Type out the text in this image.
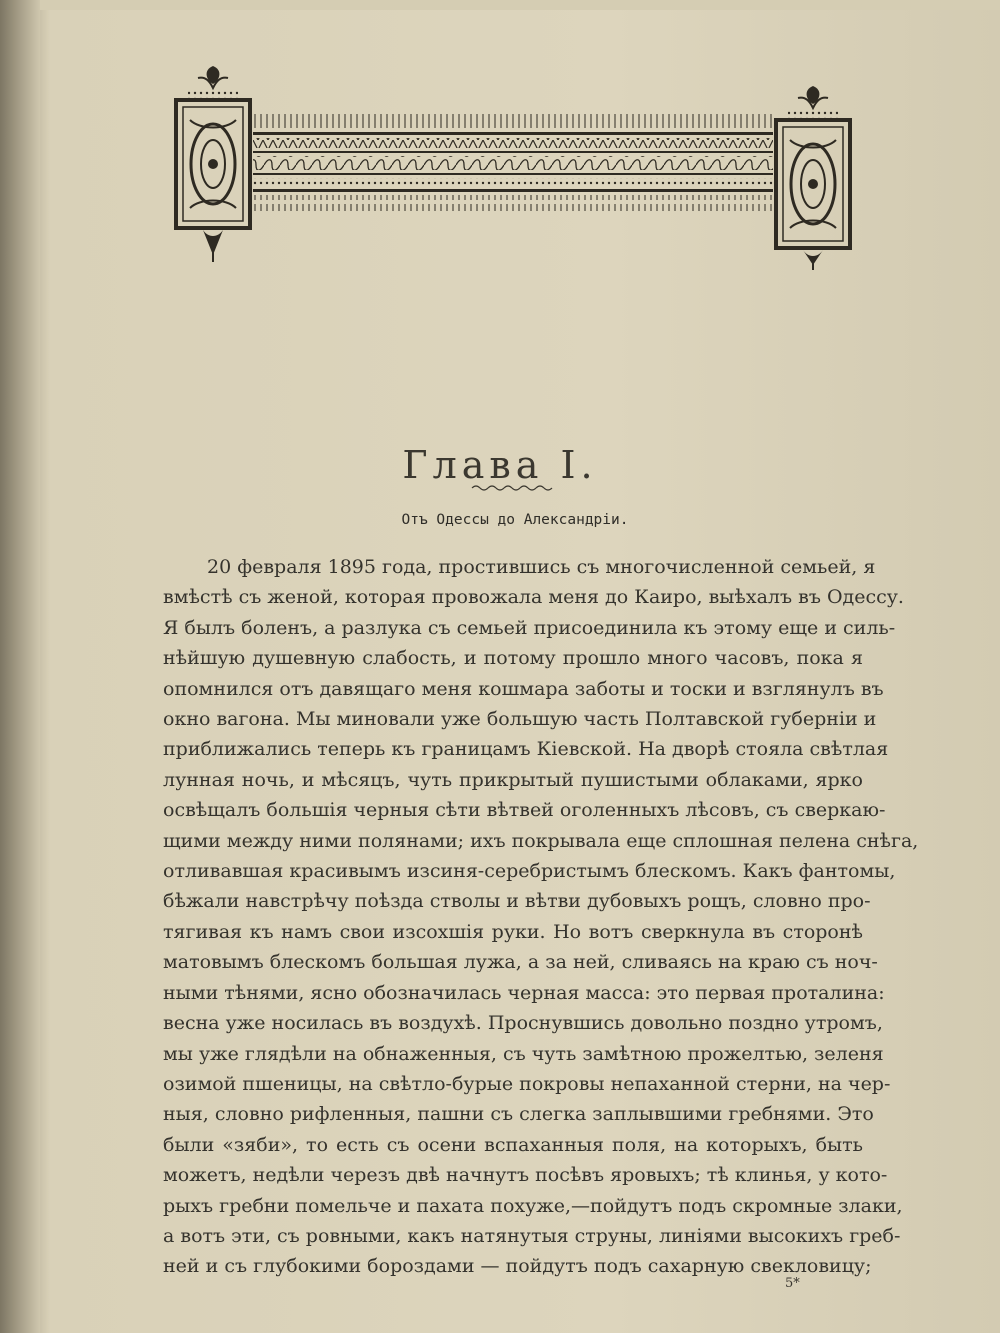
Глава I.
Отъ Одессы до Александріи.
20 февраля 1895 года, простившись съ многочисленной семьей, я
вмѣстѣ съ женой, которая провожала меня до Каиро, выѣхалъ въ Одессу.
Я былъ боленъ, а разлука съ семьей присоединила къ этому еще и силь-
нѣйшую душевную слабость, и потому прошло много часовъ, пока я
опомнился отъ давящаго меня кошмара заботы и тоски и взглянулъ въ
окно вагона. Мы миновали уже большую часть Полтавской губерніи и
приближались теперь къ границамъ Кіевской. На дворѣ стояла свѣтлая
лунная ночь, и мѣсяцъ, чуть прикрытый пушистыми облаками, ярко
освѣщалъ большія черныя сѣти вѣтвей оголенныхъ лѣсовъ, съ сверкаю-
щими между ними полянами; ихъ покрывала еще сплошная пелена снѣга,
отливавшая красивымъ изсиня-серебристымъ блескомъ. Какъ фантомы,
бѣжали навстрѣчу поѣзда стволы и вѣтви дубовыхъ рощъ, словно про-
тягивая къ намъ свои изсохшія руки. Но вотъ сверкнула въ сторонѣ
матовымъ блескомъ большая лужа, а за ней, сливаясь на краю съ ноч-
ными тѣнями, ясно обозначилась черная масса: это первая проталина:
весна уже носилась въ воздухѣ. Проснувшись довольно поздно утромъ,
мы уже глядѣли на обнаженныя, съ чуть замѣтною прожелтью, зеленя
озимой пшеницы, на свѣтло-бурые покровы непаханной стерни, на чер-
ныя, словно рифленныя, пашни съ слегка заплывшими гребнями. Это
были «зяби», то есть съ осени вспаханныя поля, на которыхъ, быть
можетъ, недѣли черезъ двѣ начнутъ посѣвъ яровыхъ; тѣ клинья, у кото-
рыхъ гребни помельче и пахата похуже,—пойдутъ подъ скромные злаки,
а вотъ эти, съ ровными, какъ натянутыя струны, линіями высокихъ греб-
ней и съ глубокими бороздами — пойдутъ подъ сахарную свекловицу;
5*
